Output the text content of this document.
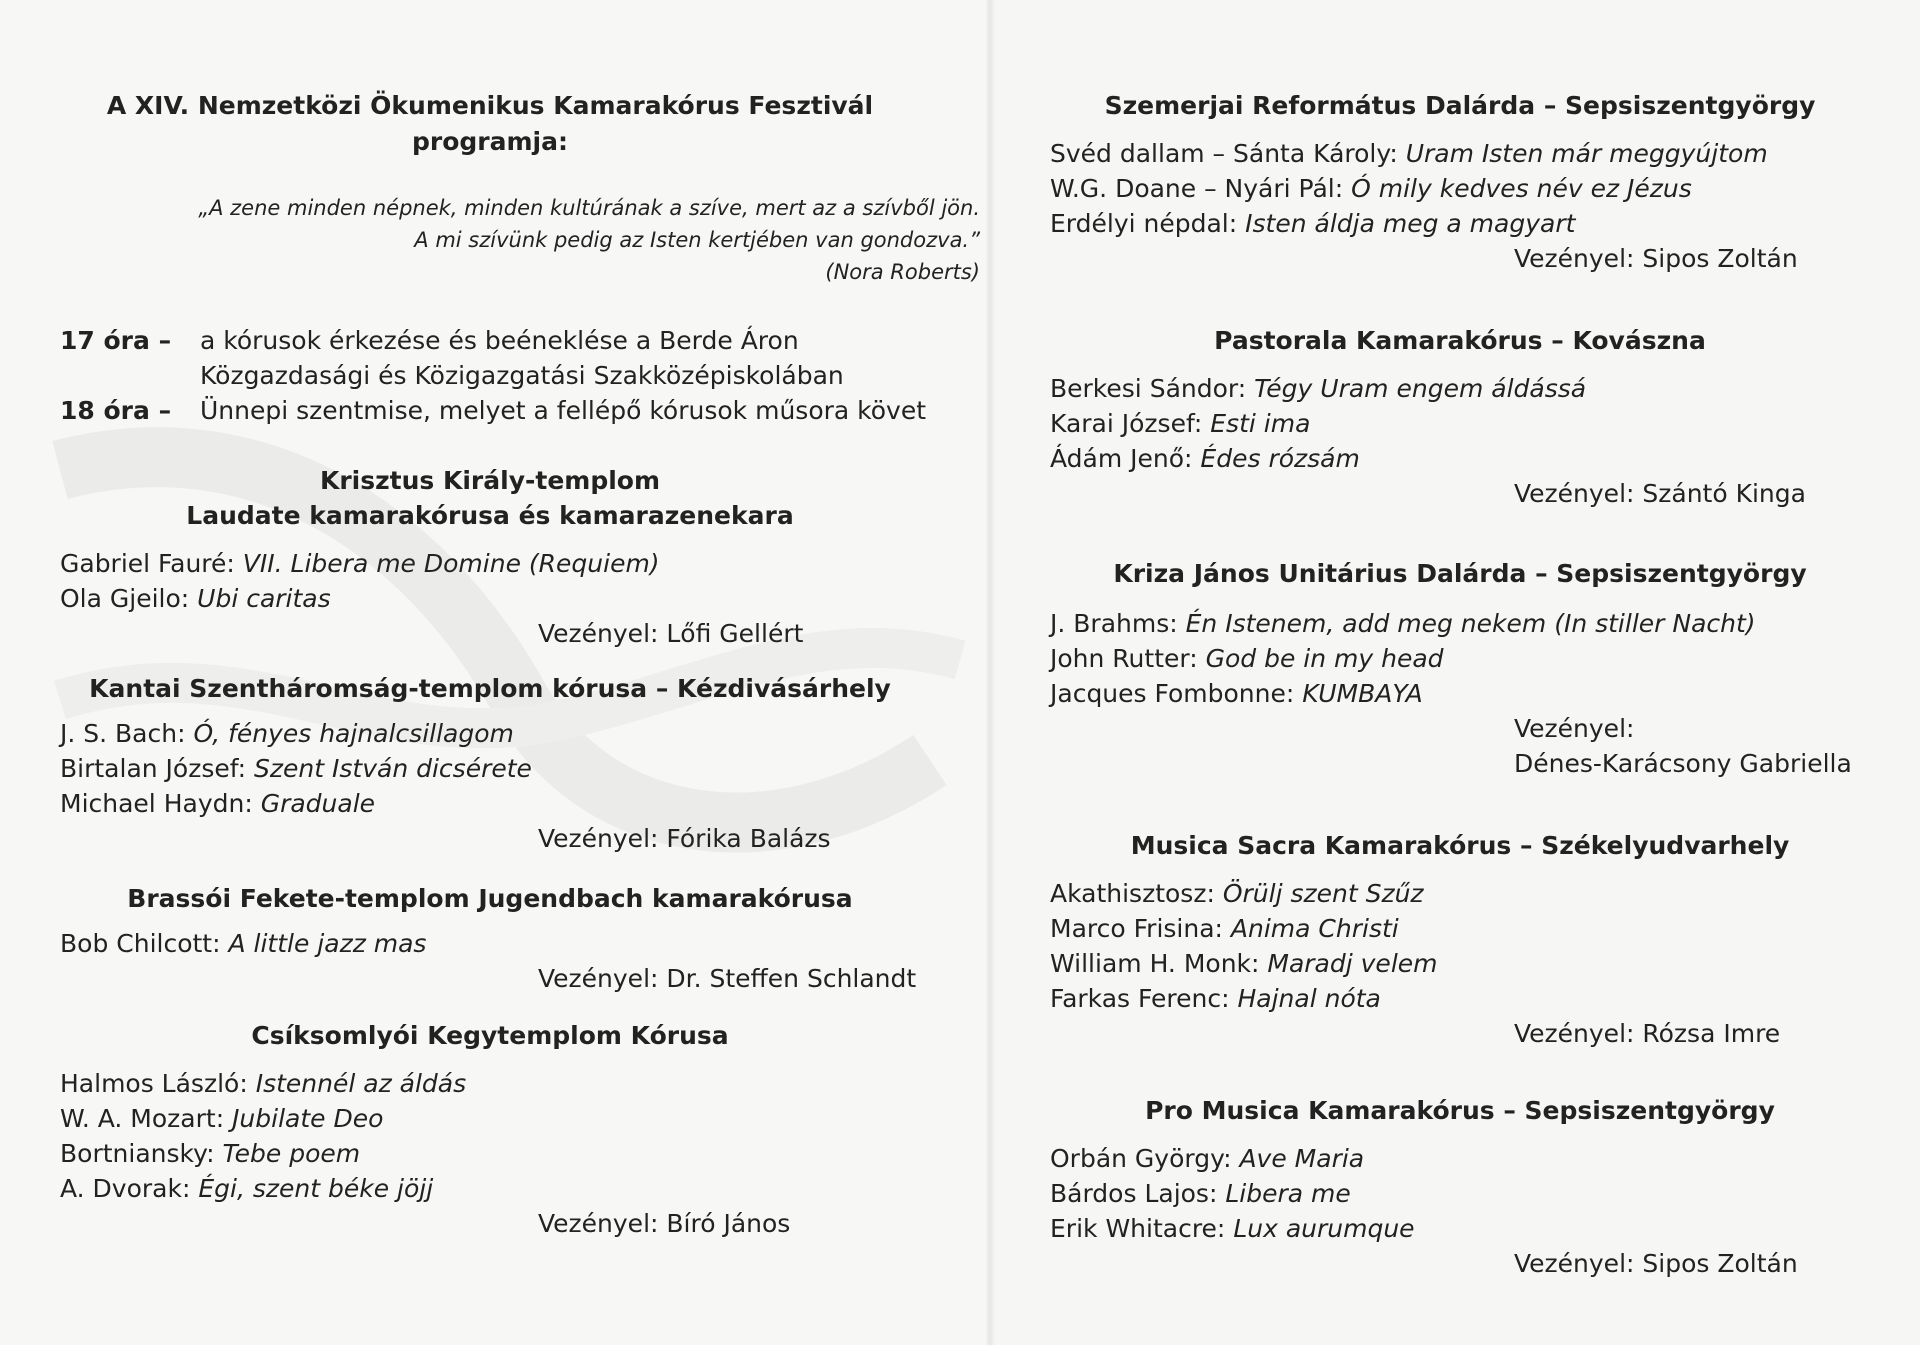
A XIV. Nemzetközi Ökumenikus Kamarakórus Fesztivál
programja:
„A zene minden népnek, minden kultúrának a szíve, mert az a szívből jön.
A mi szívünk pedig az Isten kertjében van gondozva.”
(Nora Roberts)
17 óra – a kórusok érkezése és beéneklése a Berde Áron
Közgazdasági és Közigazgatási Szakközépiskolában
18 óra – Ünnepi szentmise, melyet a fellépő kórusok műsora követ
Krisztus Király-templom
Laudate kamarakórusa és kamarazenekara
Gabriel Fauré: VII. Libera me Domine (Requiem)
Ola Gjeilo: Ubi caritas
Vezényel: Lőfi Gellért
Kantai Szentháromság-templom kórusa – Kézdivásárhely
J. S. Bach: Ó, fényes hajnalcsillagom
Birtalan József: Szent István dicsérete
Michael Haydn: Graduale
Vezényel: Fórika Balázs
Brassói Fekete-templom Jugendbach kamarakórusa
Bob Chilcott: A little jazz mas
Vezényel: Dr. Steffen Schlandt
Csíksomlyói Kegytemplom Kórusa
Halmos László: Istennél az áldás
W. A. Mozart: Jubilate Deo
Bortniansky: Tebe poem
A. Dvorak: Égi, szent béke jöjj
Vezényel: Bíró János
Szemerjai Református Dalárda – Sepsiszentgyörgy
Svéd dallam – Sánta Károly: Uram Isten már meggyújtom
W.G. Doane – Nyári Pál: Ó mily kedves név ez Jézus
Erdélyi népdal: Isten áldja meg a magyart
Vezényel: Sipos Zoltán
Pastorala Kamarakórus – Kovászna
Berkesi Sándor: Tégy Uram engem áldássá
Karai József: Esti ima
Ádám Jenő: Édes rózsám
Vezényel: Szántó Kinga
Kriza János Unitárius Dalárda – Sepsiszentgyörgy
J. Brahms: Én Istenem, add meg nekem (In stiller Nacht)
John Rutter: God be in my head
Jacques Fombonne: KUMBAYA
Vezényel:
Dénes-Karácsony Gabriella
Musica Sacra Kamarakórus – Székelyudvarhely
Akathisztosz: Örülj szent Szűz
Marco Frisina: Anima Christi
William H. Monk: Maradj velem
Farkas Ferenc: Hajnal nóta
Vezényel: Rózsa Imre
Pro Musica Kamarakórus – Sepsiszentgyörgy
Orbán György: Ave Maria
Bárdos Lajos: Libera me
Erik Whitacre: Lux aurumque
Vezényel: Sipos Zoltán
